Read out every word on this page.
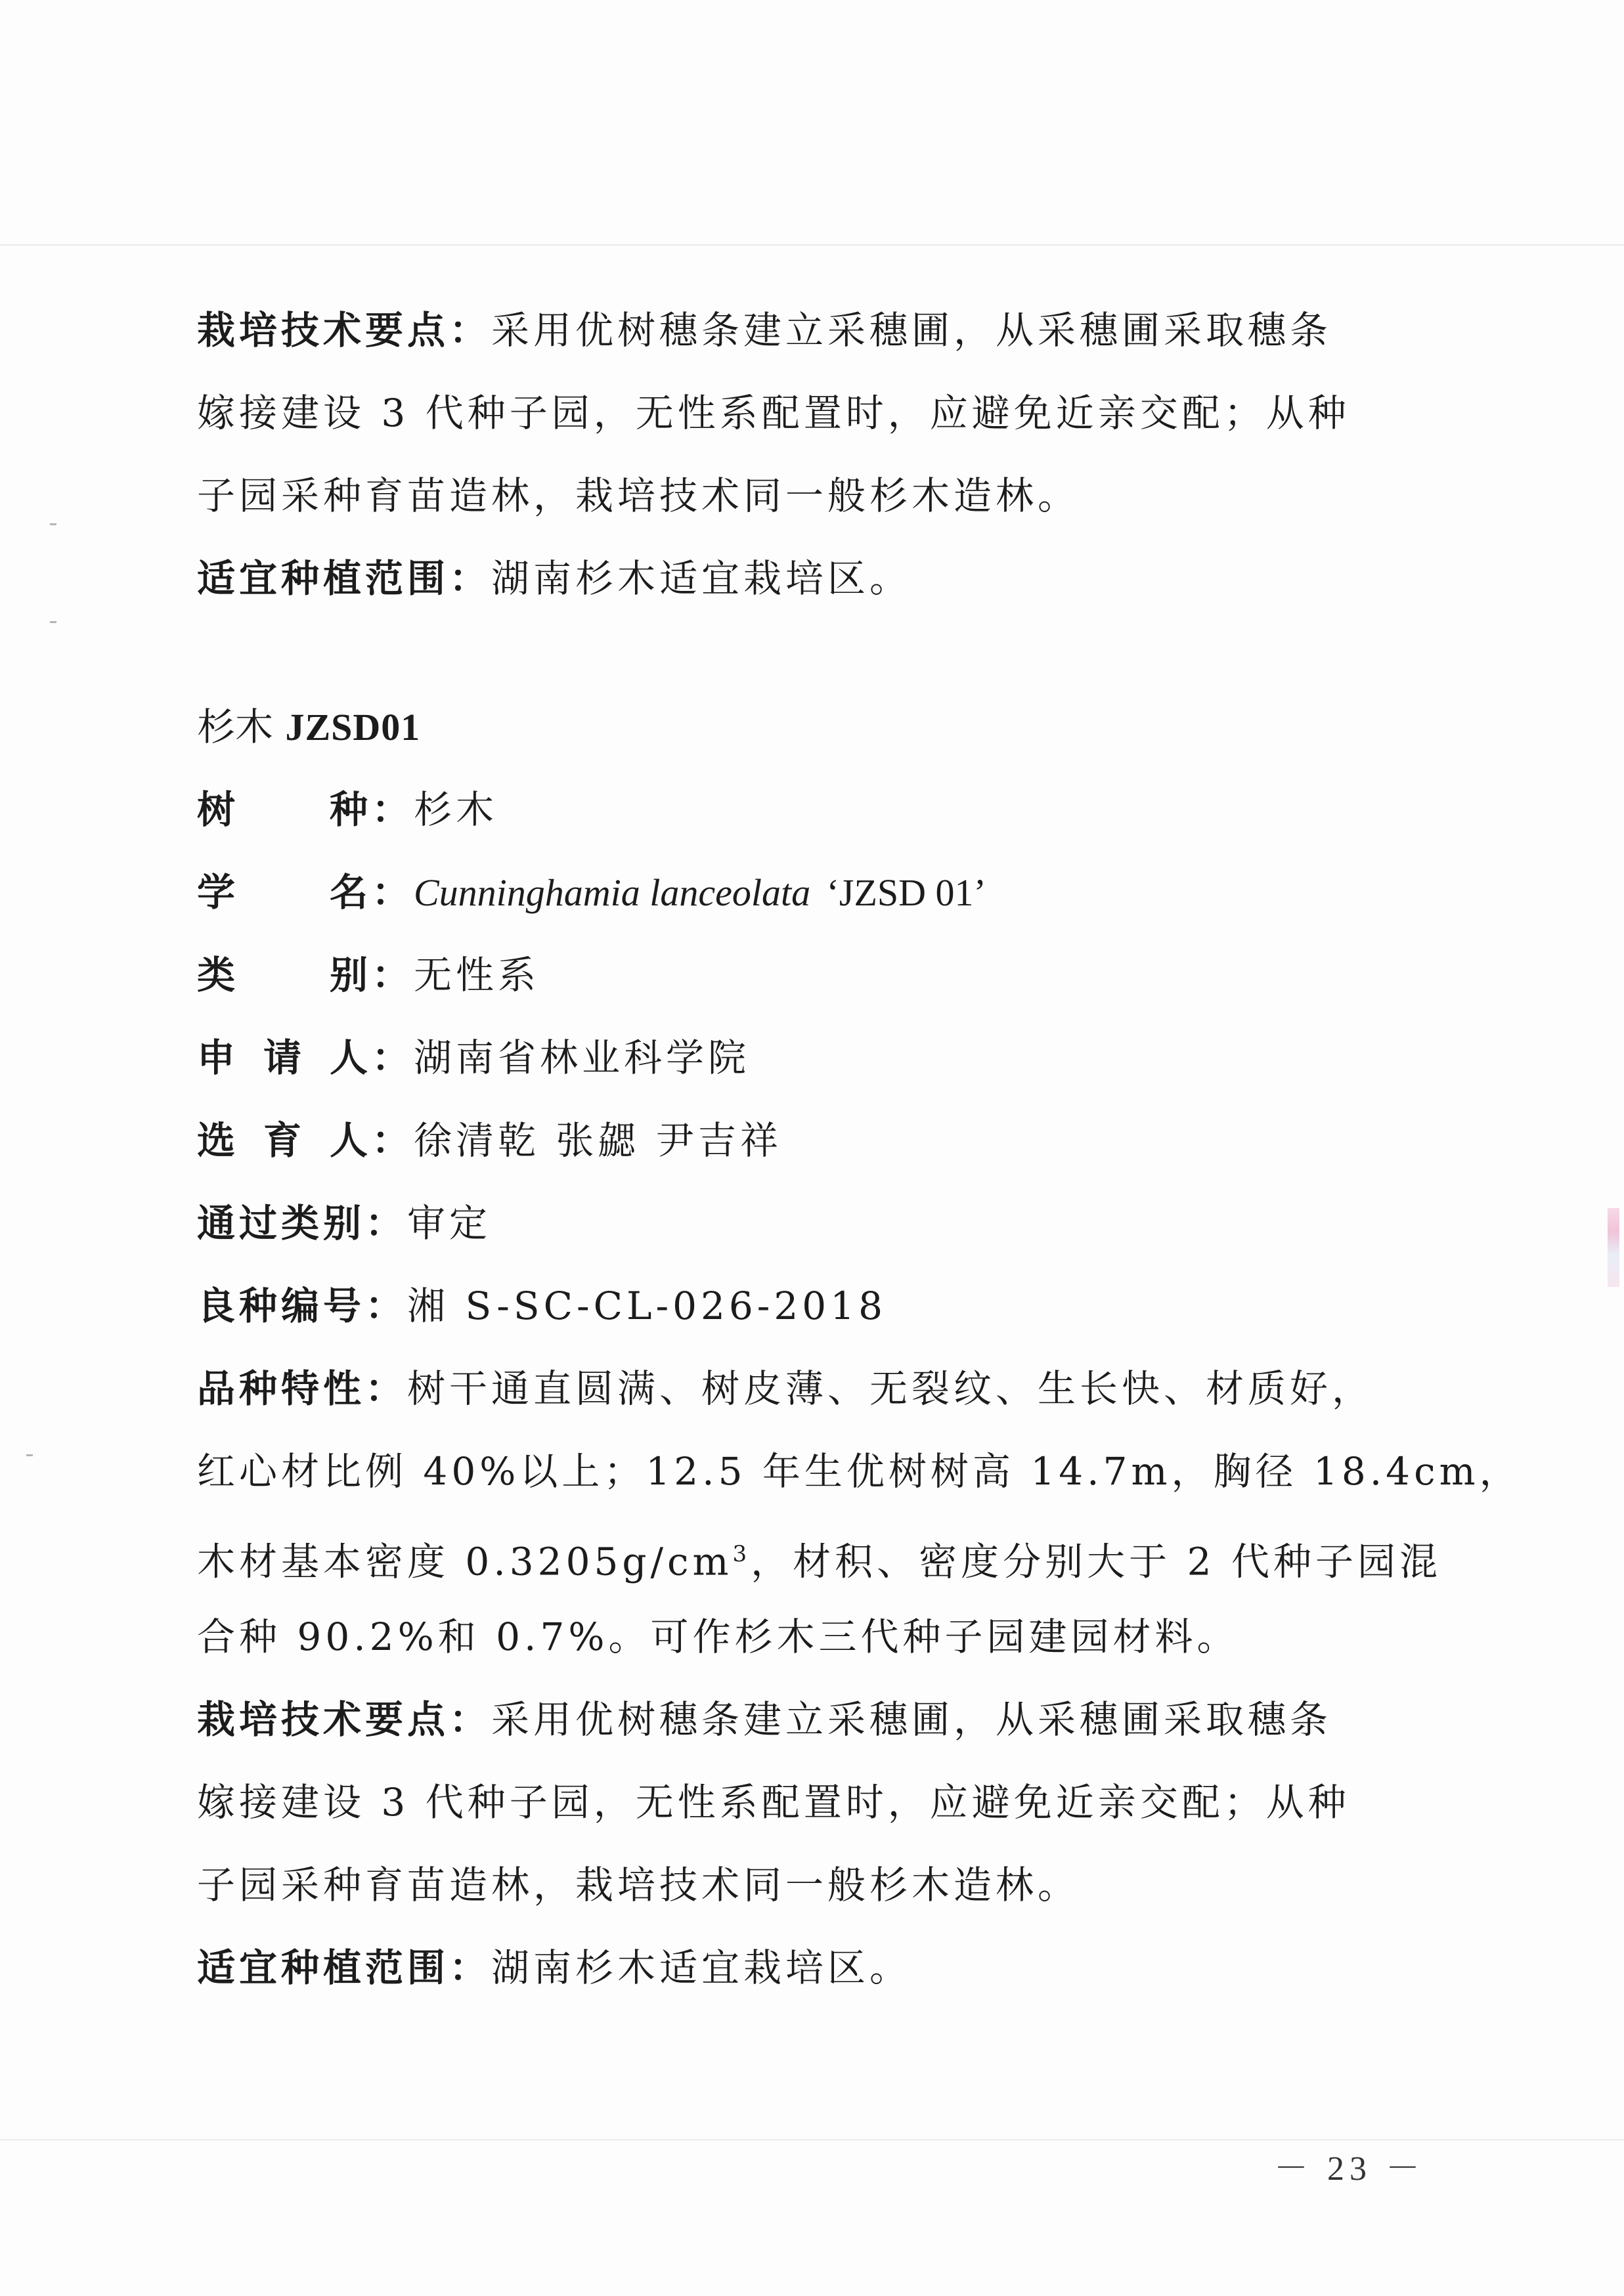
栽培技术要点：采用优树穗条建立采穗圃，从采穗圃采取穗条
嫁接建设 3 代种子园，无性系配置时，应避免近亲交配；从种
子园采种育苗造林，栽培技术同一般杉木造林。
适宜种植范围：湖南杉木适宜栽培区。
杉木 JZSD01
树 种： 杉木
学 名： Cunninghamia lanceolata ‘JZSD 01’
类 别： 无性系
申 请 人： 湖南省林业科学院
选 育 人： 徐清乾 张勰 尹吉祥
通过类别：审定
良种编号：湘 S-SC-CL-026-2018
品种特性：树干通直圆满、树皮薄、无裂纹、生长快、材质好，
红心材比例 40%以上；12.5 年生优树树高 14.7m，胸径 18.4cm，
木材基本密度 $0.3205g/cm^3$，材积、密度分别大于 2 代种子园混
合种 90.2%和 0.7%。可作杉木三代种子园建园材料。
栽培技术要点：采用优树穗条建立采穗圃，从采穗圃采取穗条
嫁接建设 3 代种子园，无性系配置时，应避免近亲交配；从种
子园采种育苗造林，栽培技术同一般杉木造林。
适宜种植范围：湖南杉木适宜栽培区。
－ 23 －
